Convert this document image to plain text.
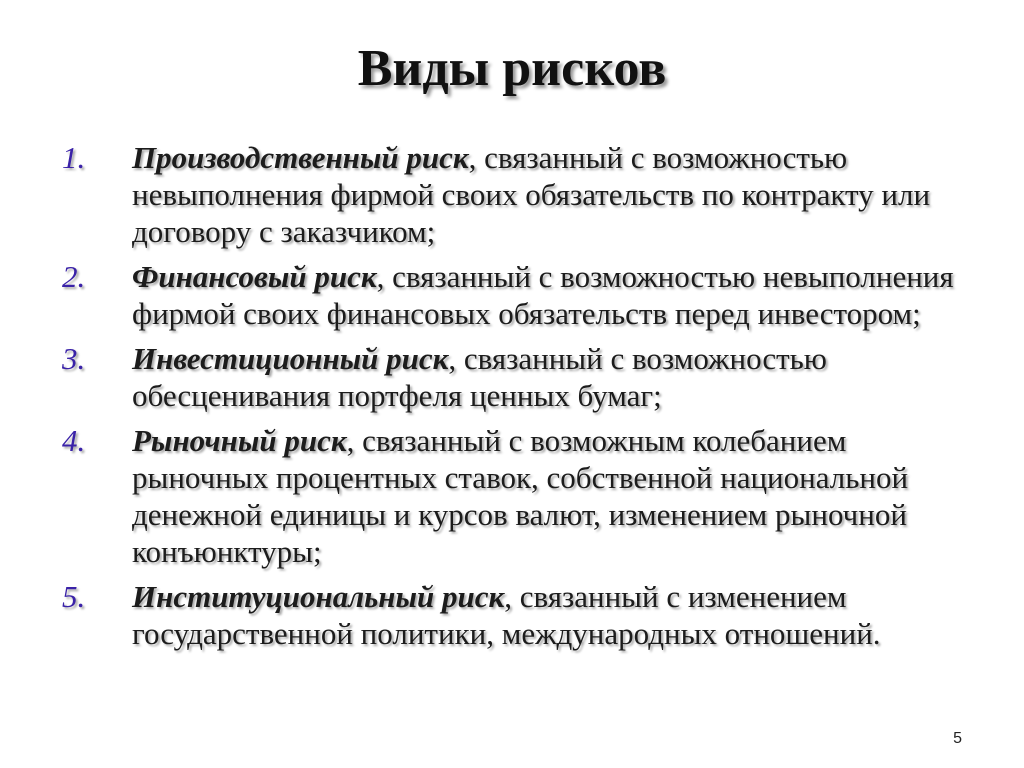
Виды рисков
1. Производственный риск, связанный с возможностью невыполнения фирмой своих обязательств по контракту или договору с заказчиком;
2. Финансовый риск, связанный с возможностью невыполнения фирмой своих финансовых обязательств перед инвестором;
3. Инвестиционный риск, связанный с возможностью обесценивания портфеля ценных бумаг;
4. Рыночный риск, связанный с возможным колебанием рыночных процентных ставок, собственной национальной денежной единицы и курсов валют, изменением рыночной конъюнктуры;
5. Институциональный риск, связанный с изменением государственной политики, международных отношений.
5
